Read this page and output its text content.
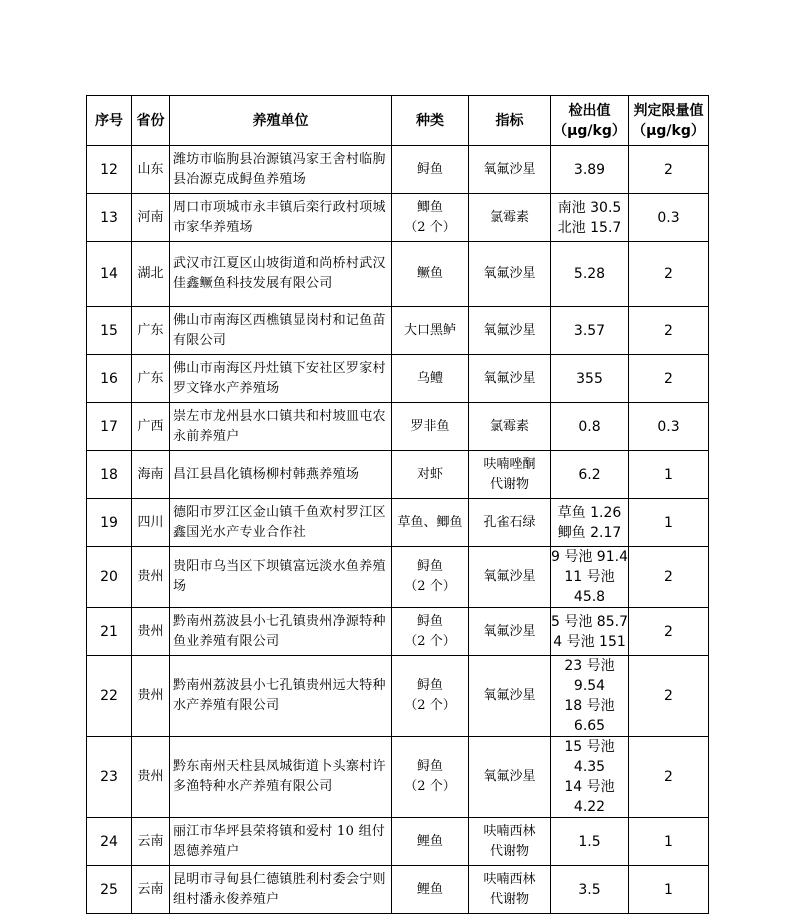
序号	省份	养殖单位	种类	指标	检出值
（μg/kg）	判定限量值
（μg/kg）

12	山东	潍坊市临朐县冶源镇冯家王舍村临朐县冶源克成鲟鱼养殖场	鲟鱼	氧氟沙星	3.89	2

13	河南	周口市项城市永丰镇后栾行政村项城市家华养殖场	鲫鱼
（2 个）	氯霉素	南池 30.5
北池 15.7	0.3

14	湖北	武汉市江夏区山坡街道和尚桥村武汉佳鑫鳜鱼科技发展有限公司	鳜鱼	氧氟沙星	5.28	2

15	广东	佛山市南海区西樵镇显岗村和记鱼苗有限公司	大口黑鲈	氧氟沙星	3.57	2

16	广东	佛山市南海区丹灶镇下安社区罗家村罗文锋水产养殖场	乌鳢	氧氟沙星	355	2

17	广西	崇左市龙州县水口镇共和村坡皿屯农永前养殖户	罗非鱼	氯霉素	0.8	0.3

18	海南	昌江县昌化镇杨柳村韩燕养殖场	对虾	呋喃唑酮
代谢物	6.2	1

19	四川	德阳市罗江区金山镇千鱼欢村罗江区鑫国光水产专业合作社	草鱼、鲫鱼	孔雀石绿	草鱼 1.26
鲫鱼 2.17	1

20	贵州	贵阳市乌当区下坝镇富远淡水鱼养殖场	鲟鱼
（2 个）	氧氟沙星	9 号池 91.4
11 号池 45.8	2

21	贵州	黔南州荔波县小七孔镇贵州净源特种鱼业养殖有限公司	鲟鱼
（2 个）	氧氟沙星	5 号池 85.7
4 号池 151	2

22	贵州	黔南州荔波县小七孔镇贵州远大特种水产养殖有限公司	鲟鱼
（2 个）	氧氟沙星	23 号池 9.54
18 号池 6.65	2

23	贵州	黔东南州天柱县凤城街道卜头寨村许多渔特种水产养殖有限公司	鲟鱼
（2 个）	氧氟沙星	15 号池 4.35
14 号池 4.22	2

24	云南	丽江市华坪县荣将镇和爱村 10 组付恩德养殖户	鲤鱼	呋喃西林
代谢物	1.5	1

25	云南	昆明市寻甸县仁德镇胜利村委会宁则组村潘永俊养殖户	鲤鱼	呋喃西林
代谢物	3.5	1
